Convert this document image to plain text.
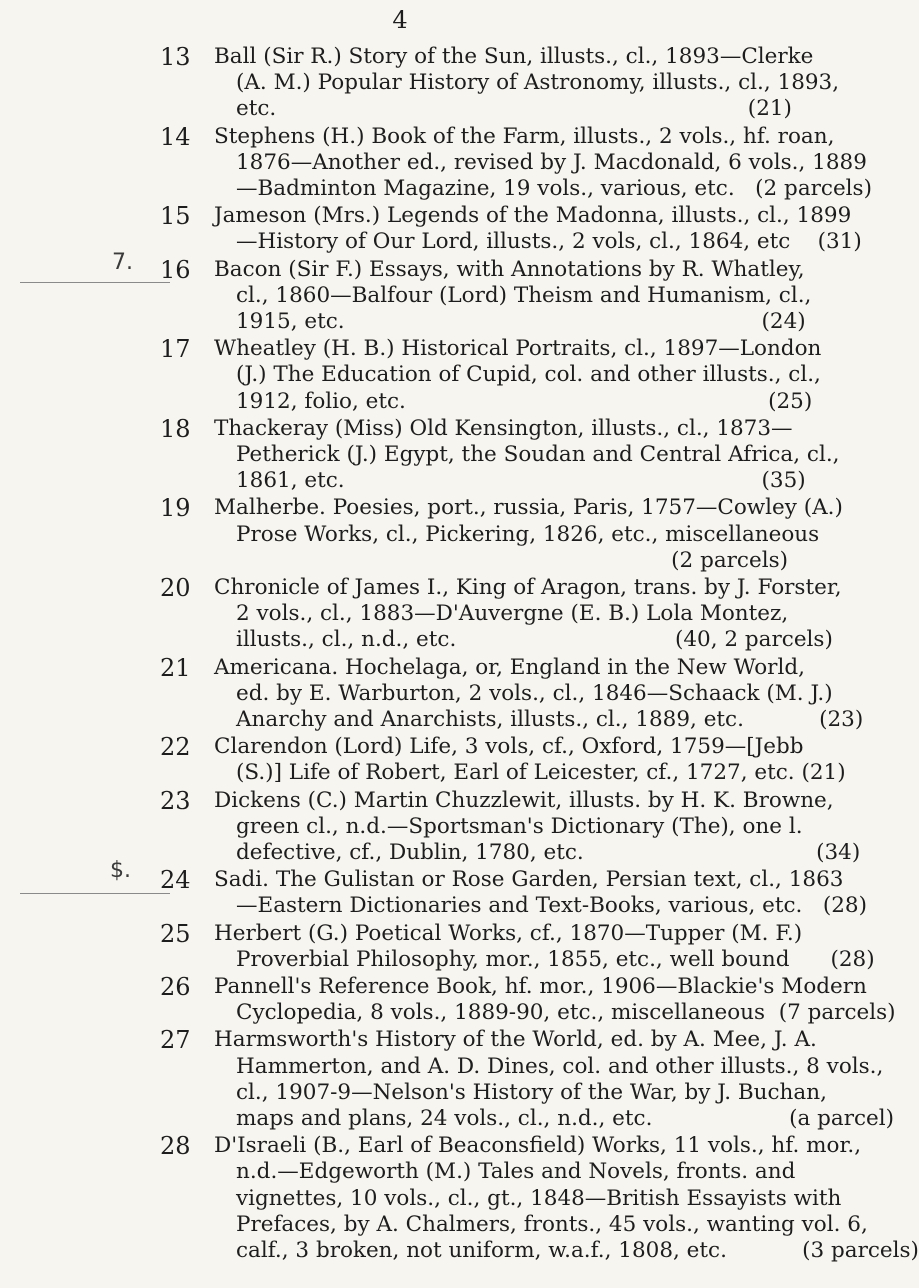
4
7.
$.
13	Ball (Sir R.) Story of the Sun, illusts., cl., 1893—Clerke
(A. M.) Popular History of Astronomy, illusts., cl., 1893,
etc.                                                                     (21)
14	Stephens (H.) Book of the Farm, illusts., 2 vols., hf. roan,
1876—Another ed., revised by J. Macdonald, 6 vols., 1889
—Badminton Magazine, 19 vols., various, etc.   (2 parcels)
15	Jameson (Mrs.) Legends of the Madonna, illusts., cl., 1899
—History of Our Lord, illusts., 2 vols, cl., 1864, etc    (31)
16	Bacon (Sir F.) Essays, with Annotations by R. Whatley,
cl., 1860—Balfour (Lord) Theism and Humanism, cl.,
1915, etc.                                                             (24)
17	Wheatley (H. B.) Historical Portraits, cl., 1897—London
(J.) The Education of Cupid, col. and other illusts., cl.,
1912, folio, etc.                                                     (25)
18	Thackeray (Miss) Old Kensington, illusts., cl., 1873—
Petherick (J.) Egypt, the Soudan and Central Africa, cl.,
1861, etc.                                                             (35)
19	Malherbe. Poesies, port., russia, Paris, 1757—Cowley (A.)
Prose Works, cl., Pickering, 1826, etc., miscellaneous
(2 parcels)
20	Chronicle of James I., King of Aragon, trans. by J. Forster,
2 vols., cl., 1883—D'Auvergne (E. B.) Lola Montez,
illusts., cl., n.d., etc.                                (40, 2 parcels)
21	Americana. Hochelaga, or, England in the New World,
ed. by E. Warburton, 2 vols., cl., 1846—Schaack (M. J.)
Anarchy and Anarchists, illusts., cl., 1889, etc.           (23)
22	Clarendon (Lord) Life, 3 vols, cf., Oxford, 1759—[Jebb
(S.)] Life of Robert, Earl of Leicester, cf., 1727, etc. (21)
23	Dickens (C.) Martin Chuzzlewit, illusts. by H. K. Browne,
green cl., n.d.—Sportsman's Dictionary (The), one l.
defective, cf., Dublin, 1780, etc.                                  (34)
24	Sadi. The Gulistan or Rose Garden, Persian text, cl., 1863
—Eastern Dictionaries and Text-Books, various, etc.   (28)
25	Herbert (G.) Poetical Works, cf., 1870—Tupper (M. F.)
Proverbial Philosophy, mor., 1855, etc., well bound      (28)
26	Pannell's Reference Book, hf. mor., 1906—Blackie's Modern
Cyclopedia, 8 vols., 1889-90, etc., miscellaneous  (7 parcels)
27	Harmsworth's History of the World, ed. by A. Mee, J. A.
Hammerton, and A. D. Dines, col. and other illusts., 8 vols.,
cl., 1907-9—Nelson's History of the War, by J. Buchan,
maps and plans, 24 vols., cl., n.d., etc.                    (a parcel)
28	D'Israeli (B., Earl of Beaconsfield) Works, 11 vols., hf. mor.,
n.d.—Edgeworth (M.) Tales and Novels, fronts. and
vignettes, 10 vols., cl., gt., 1848—British Essayists with
Prefaces, by A. Chalmers, fronts., 45 vols., wanting vol. 6,
calf., 3 broken, not uniform, w.a.f., 1808, etc.           (3 parcels)
